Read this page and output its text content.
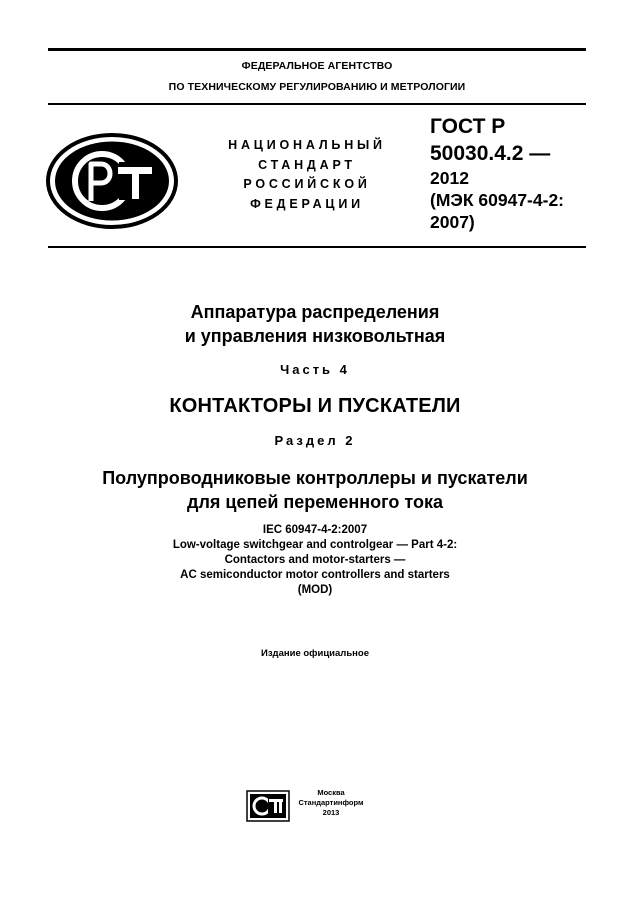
ФЕДЕРАЛЬНОЕ АГЕНТСТВО
ПО ТЕХНИЧЕСКОМУ РЕГУЛИРОВАНИЮ И МЕТРОЛОГИИ
НАЦИОНАЛЬНЫЙ
СТАНДАРТ
РОССИЙСКОЙ
ФЕДЕРАЦИИ
ГОСТ Р
50030.4.2 —
2012
(МЭК 60947-4-2:
2007)
Аппаратура распределения
и управления низковольтная
Часть 4
КОНТАКТОРЫ И ПУСКАТЕЛИ
Раздел 2
Полупроводниковые контроллеры и пускатели
для цепей переменного тока
IEC 60947-4-2:2007
Low-voltage switchgear and controlgear — Part 4-2:
Contactors and motor-starters —
AC semiconductor motor controllers and starters
(MOD)
Издание официальное
Москва
Стандартинформ
2013
